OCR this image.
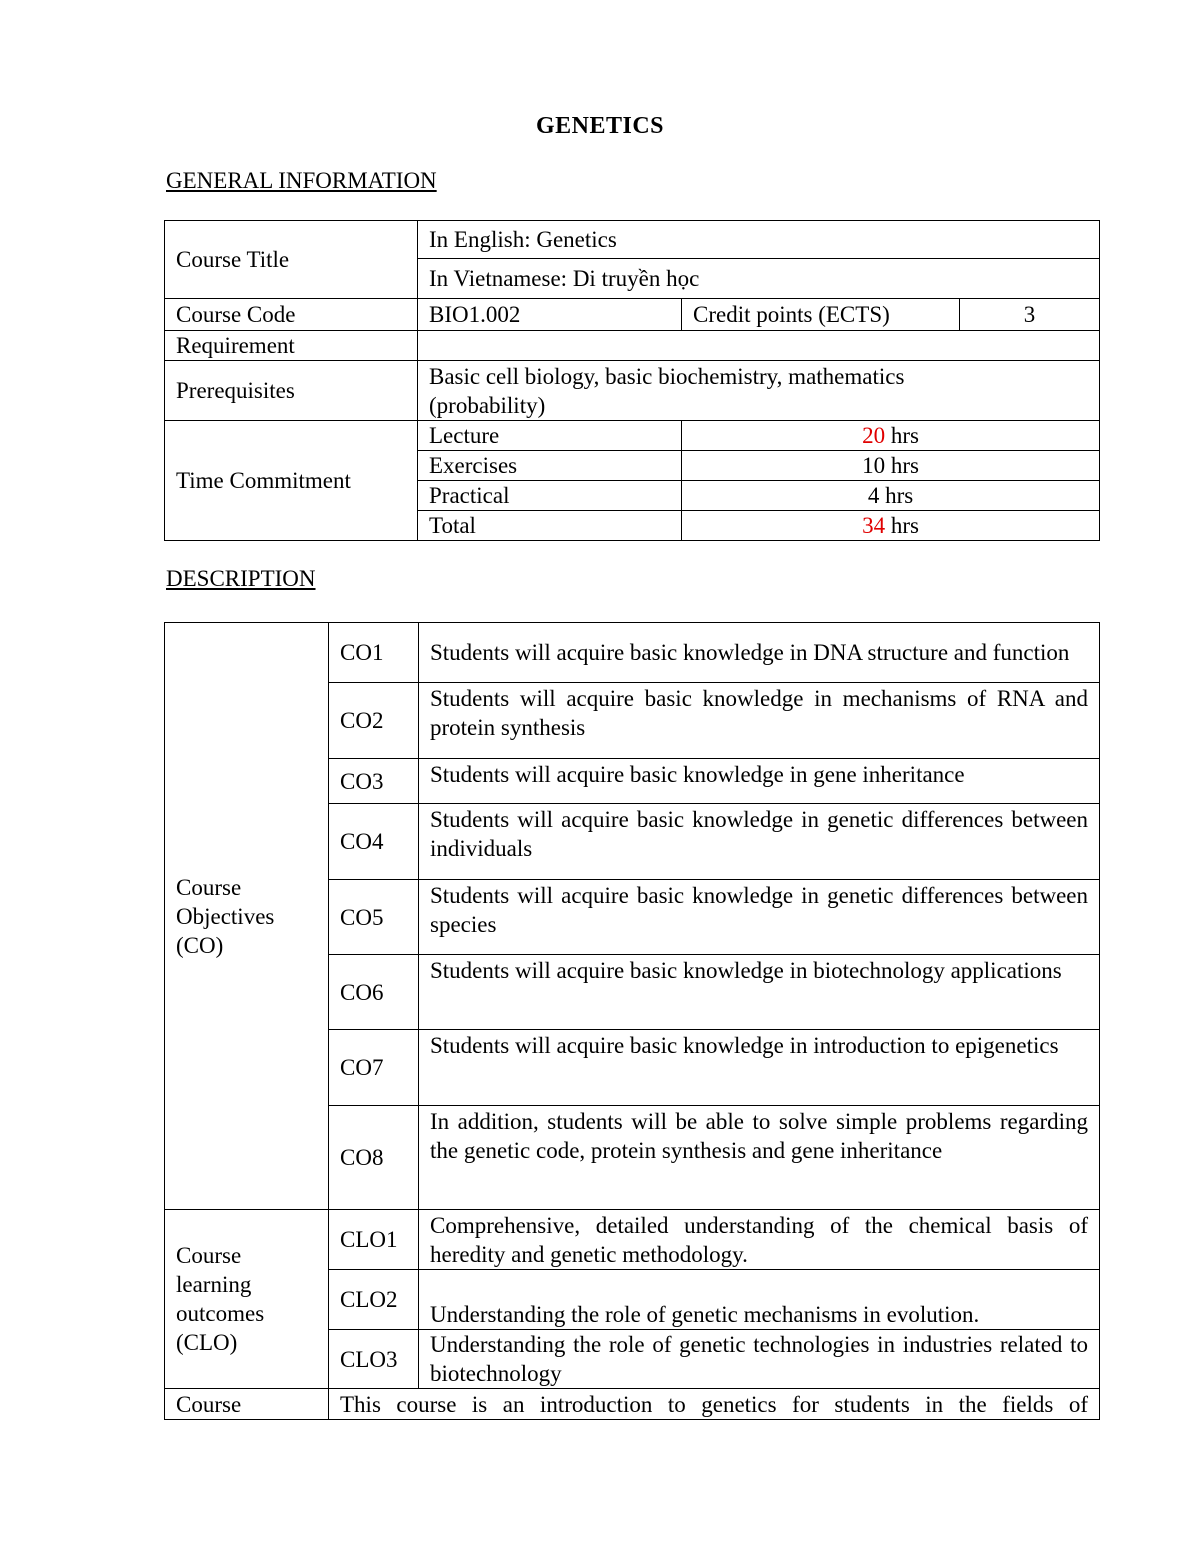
GENETICS
GENERAL INFORMATION
Course Title	In English: Genetics		
	In Vietnamese: Di truyền học		
Course Code	BIO1.002	Credit points (ECTS)	3
Requirement			
Prerequisites	Basic cell biology, basic biochemistry, mathematics (probability)		
Time Commitment	Lecture	20 hrs	
	Exercises	10 hrs	
	Practical	4 hrs	
	Total	34 hrs	
DESCRIPTION
Course Objectives (CO)	CO1	Students will acquire basic knowledge in DNA structure and function
	CO2	Students will acquire basic knowledge in mechanisms of RNA and protein synthesis
	CO3	Students will acquire basic knowledge in gene inheritance
	CO4	Students will acquire basic knowledge in genetic differences between individuals
	CO5	Students will acquire basic knowledge in genetic differences between species
	CO6	Students will acquire basic knowledge in biotechnology applications
	CO7	Students will acquire basic knowledge in introduction to epigenetics
	CO8	In addition, students will be able to solve simple problems regarding the genetic code, protein synthesis and gene inheritance
Course learning outcomes (CLO)	CLO1	Comprehensive, detailed understanding of the chemical basis of heredity and genetic methodology.
	CLO2	Understanding the role of genetic mechanisms in evolution.
	CLO3	Understanding the role of genetic technologies in industries related to biotechnology
Course	This course is an introduction to genetics for students in the fields of	
